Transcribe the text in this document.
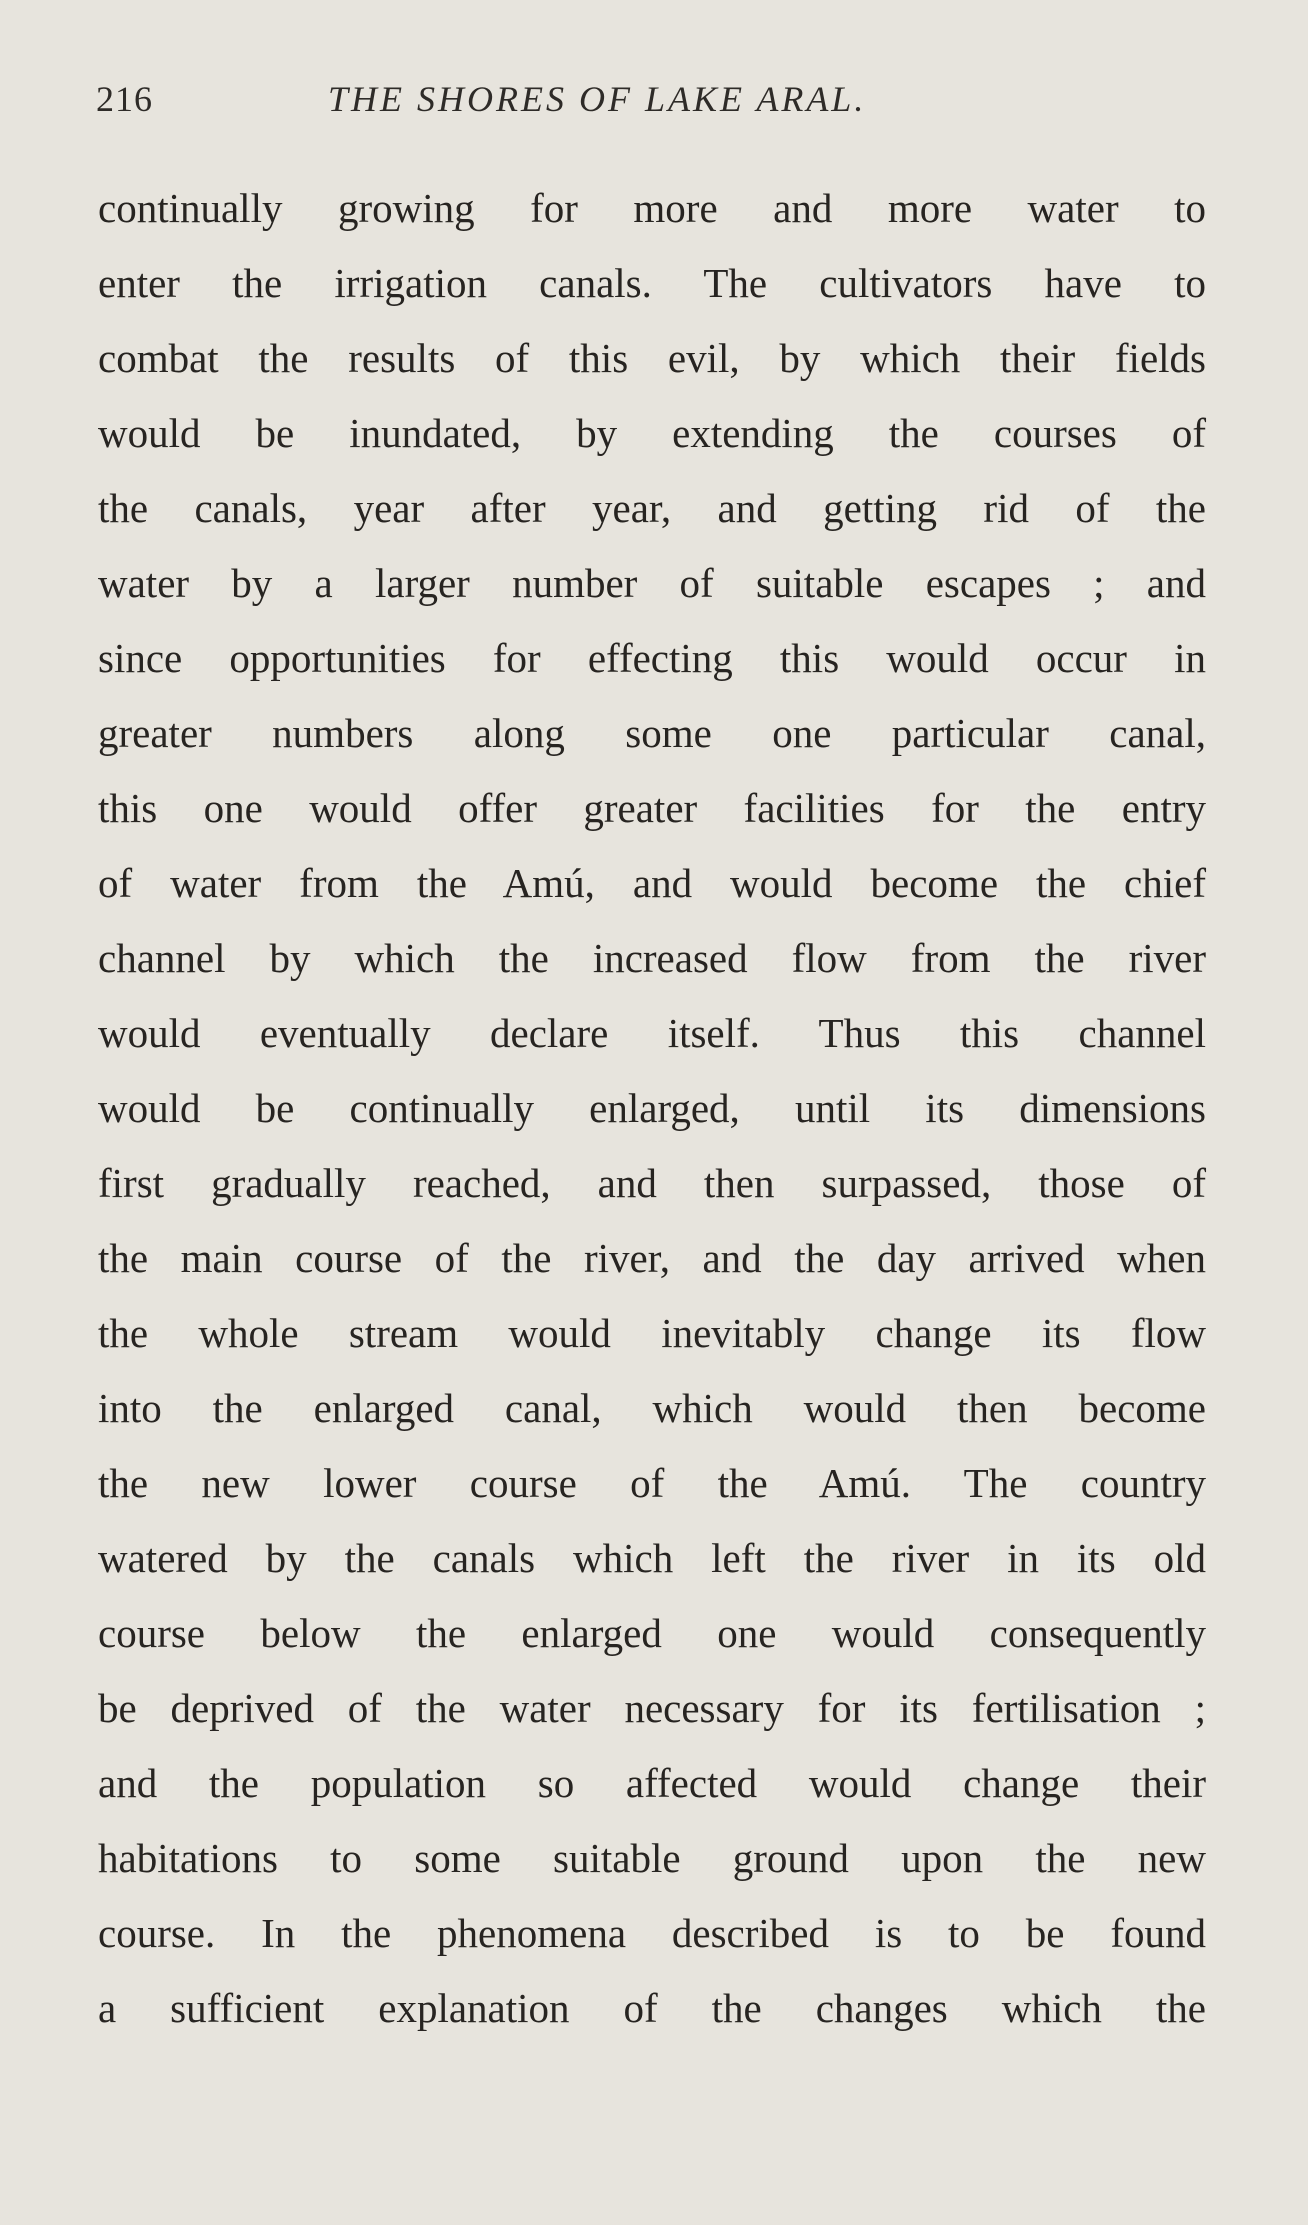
216	THE SHORES OF LAKE ARAL.
continually growing for more and more water to
enter the irrigation canals. The cultivators have to
combat the results of this evil, by which their fields
would be inundated, by extending the courses of
the canals, year after year, and getting rid of the
water by a larger number of suitable escapes ; and
since opportunities for effecting this would occur in
greater numbers along some one particular canal,
this one would offer greater facilities for the entry
of water from the Amú, and would become the chief
channel by which the increased flow from the river
would eventually declare itself. Thus this channel
would be continually enlarged, until its dimensions
first gradually reached, and then surpassed, those of
the main course of the river, and the day arrived when
the whole stream would inevitably change its flow
into the enlarged canal, which would then become
the new lower course of the Amú. The country
watered by the canals which left the river in its old
course below the enlarged one would consequently
be deprived of the water necessary for its fertilisation ;
and the population so affected would change their
habitations to some suitable ground upon the new
course. In the phenomena described is to be found
a sufficient explanation of the changes which the
